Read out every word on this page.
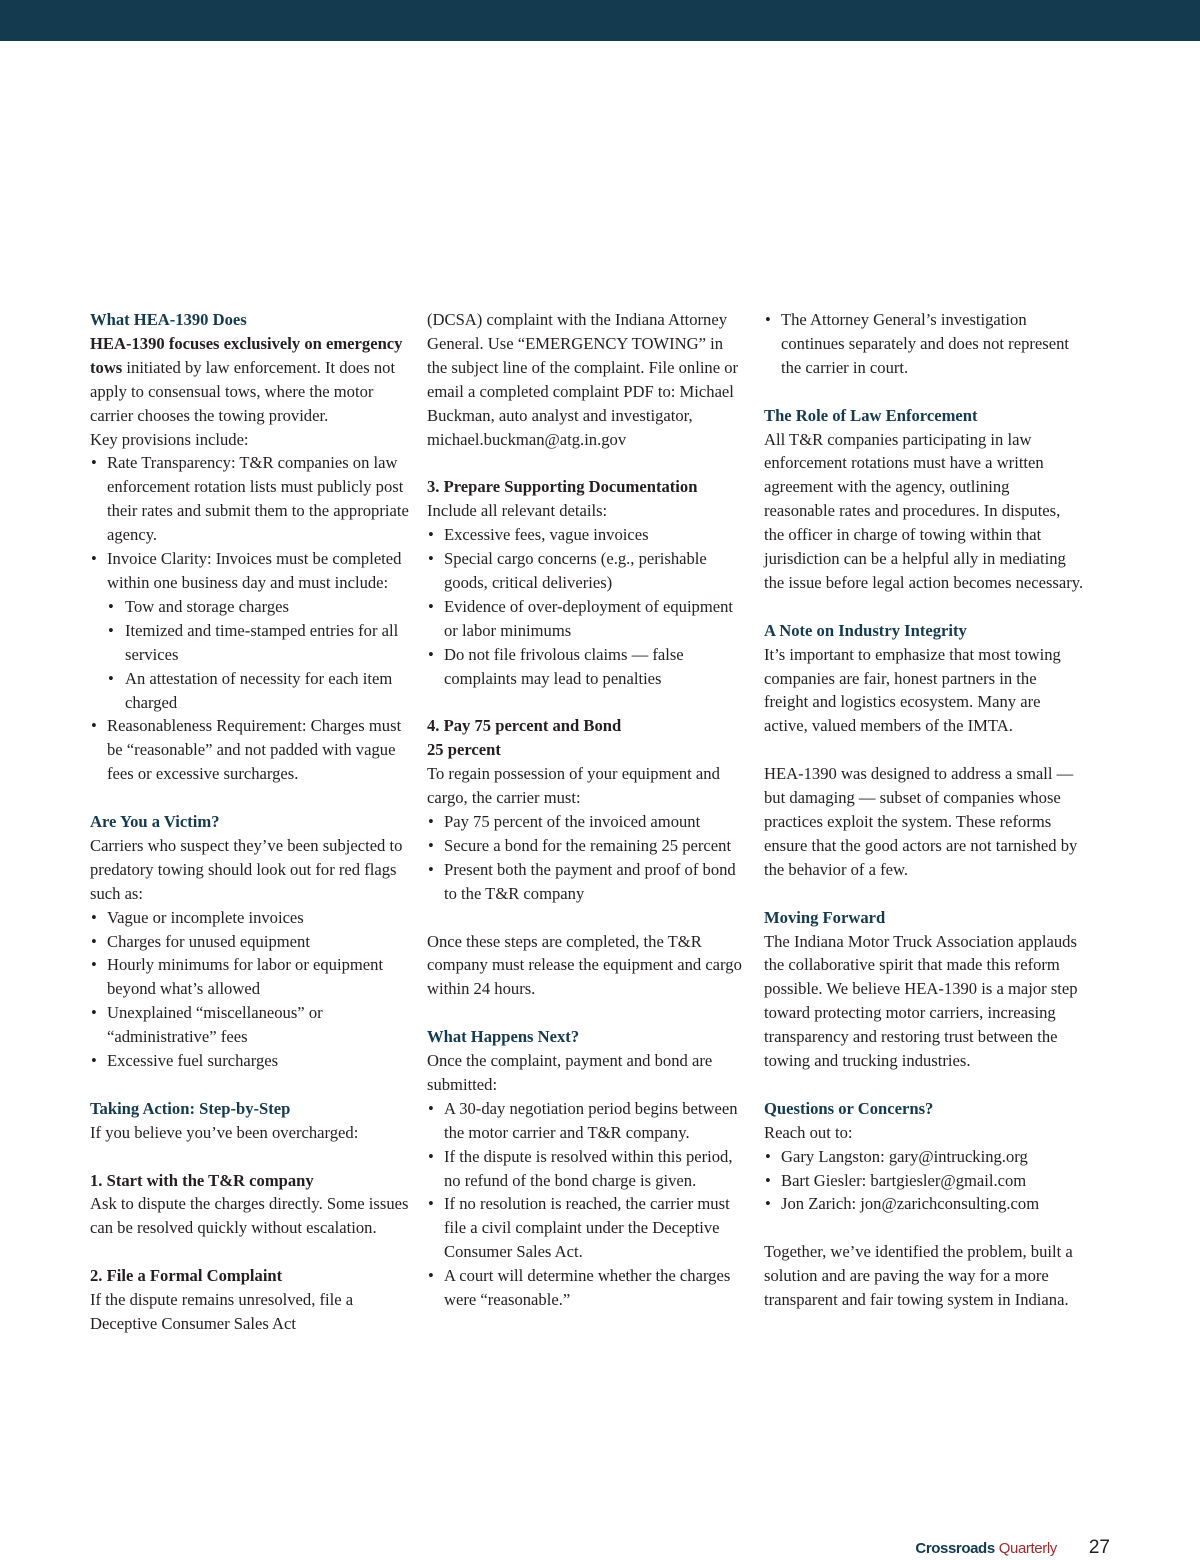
What HEA-1390 Does

HEA-1390 focuses exclusively on emergency tows initiated by law enforcement. It does not apply to consensual tows, where the motor carrier chooses the towing provider.

Key provisions include:

• Rate Transparency: T&R companies on law enforcement rotation lists must publicly post their rates and submit them to the appropriate agency.
• Invoice Clarity: Invoices must be completed within one business day and must include:
• Tow and storage charges
• Itemized and time-stamped entries for all services
• An attestation of necessity for each item charged
• Reasonableness Requirement: Charges must be “reasonable” and not padded with vague fees or excessive surcharges.

Are You a Victim?

Carriers who suspect they’ve been subjected to predatory towing should look out for red flags such as:

• Vague or incomplete invoices
• Charges for unused equipment
• Hourly minimums for labor or equipment beyond what’s allowed
• Unexplained “miscellaneous” or “administrative” fees
• Excessive fuel surcharges

Taking Action: Step-by-Step

If you believe you’ve been overcharged:

1. Start with the T&R company

Ask to dispute the charges directly. Some issues can be resolved quickly without escalation.

2. File a Formal Complaint

If the dispute remains unresolved, file a Deceptive Consumer Sales Act

(DCSA) complaint with the Indiana Attorney General. Use “EMERGENCY TOWING” in the subject line of the complaint. File online or email a completed complaint PDF to: Michael Buckman, auto analyst and investigator, michael.buckman@atg.in.gov

3. Prepare Supporting Documentation

Include all relevant details:

• Excessive fees, vague invoices
• Special cargo concerns (e.g., perishable goods, critical deliveries)
• Evidence of over-deployment of equipment or labor minimums
• Do not file frivolous claims — false complaints may lead to penalties

4. Pay 75 percent and Bond
25 percent

To regain possession of your equipment and cargo, the carrier must:

• Pay 75 percent of the invoiced amount
• Secure a bond for the remaining 25 percent
• Present both the payment and proof of bond to the T&R company

Once these steps are completed, the T&R company must release the equipment and cargo within 24 hours.

What Happens Next?

Once the complaint, payment and bond are submitted:

• A 30-day negotiation period begins between the motor carrier and T&R company.
• If the dispute is resolved within this period, no refund of the bond charge is given.
• If no resolution is reached, the carrier must file a civil complaint under the Deceptive Consumer Sales Act.
• A court will determine whether the charges were “reasonable.”
• The Attorney General’s investigation continues separately and does not represent the carrier in court.

The Role of Law Enforcement

All T&R companies participating in law enforcement rotations must have a written agreement with the agency, outlining reasonable rates and procedures. In disputes, the officer in charge of towing within that jurisdiction can be a helpful ally in mediating the issue before legal action becomes necessary.

A Note on Industry Integrity

It’s important to emphasize that most towing companies are fair, honest partners in the freight and logistics ecosystem. Many are active, valued members of the IMTA.

HEA-1390 was designed to address a small — but damaging — subset of companies whose practices exploit the system. These reforms ensure that the good actors are not tarnished by the behavior of a few.

Moving Forward

The Indiana Motor Truck Association applauds the collaborative spirit that made this reform possible. We believe HEA-1390 is a major step toward protecting motor carriers, increasing transparency and restoring trust between the towing and trucking industries.

Questions or Concerns?

Reach out to:

• Gary Langston: gary@intrucking.org
• Bart Giesler: bartgiesler@gmail.com
• Jon Zarich: jon@zarichconsulting.com

Together, we’ve identified the problem, built a solution and are paving the way for a more transparent and fair towing system in Indiana.

Crossroads Quarterly 27
